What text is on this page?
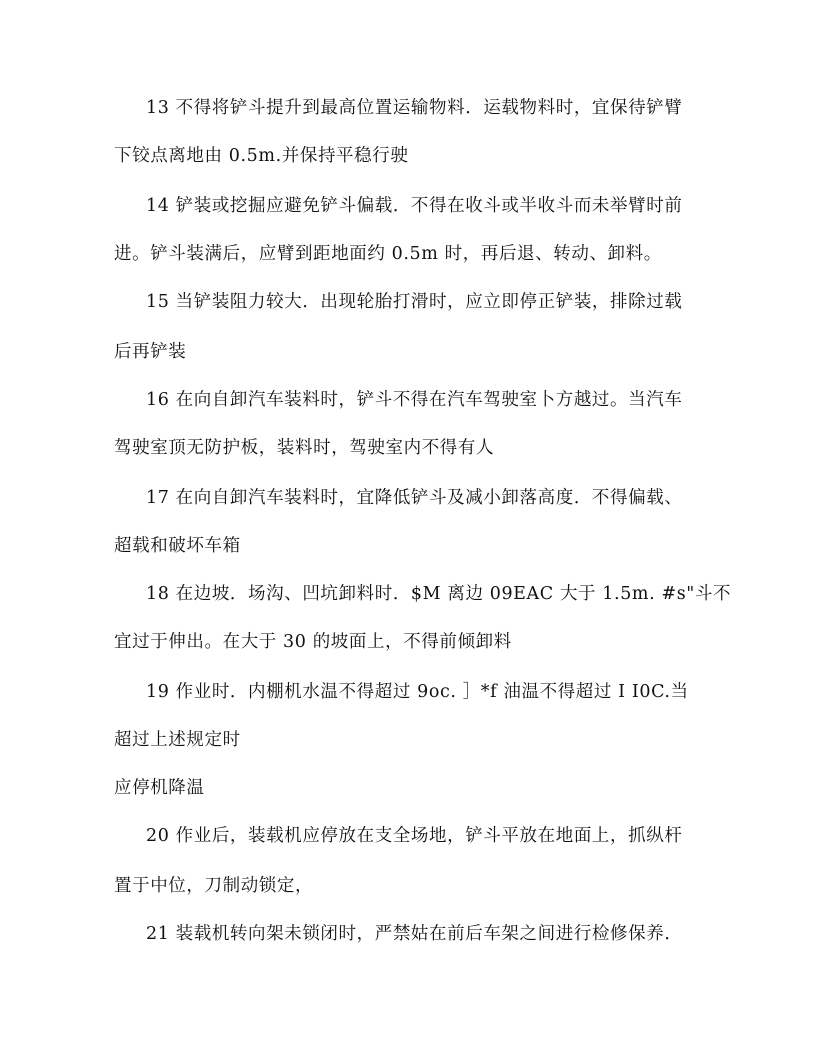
13 不得将铲斗提升到最高位置运输物料．运载物料时，宜保待铲臂
下铰点离地由 0.5m.并保持平稳行驶
14 铲装或挖掘应避免铲斗偏载．不得在收斗或半收斗而未举臂时前
进。铲斗装满后，应臂到距地面约 0.5m 时，再后退、转动、卸料。
15 当铲装阻力较大．出现轮胎打滑时，应立即停正铲装，排除过载
后再铲装
16 在向自卸汽车装料时，铲斗不得在汽车驾驶室卜方越过。当汽车
驾驶室顶无防护板，装料时，驾驶室内不得有人
17 在向自卸汽车装料时，宜降低铲斗及减小卸落高度．不得偏载、
超载和破坏车箱
18 在边坡．场沟、凹坑卸料时．$M 离边 09EAC 大于 1.5m. #s"斗不
宜过于伸出。在大于 30 的坡面上，不得前倾卸料
19 作业时．内棚机水温不得超过 9oc. ］*f 油温不得超过 I I0C.当
超过上述规定时
应停机降温
20 作业后，装载机应停放在支全场地，铲斗平放在地面上，抓纵杆
置于中位，刀制动锁定，
21 装载机转向架未锁闭时，严禁姑在前后车架之间进行检修保养．
